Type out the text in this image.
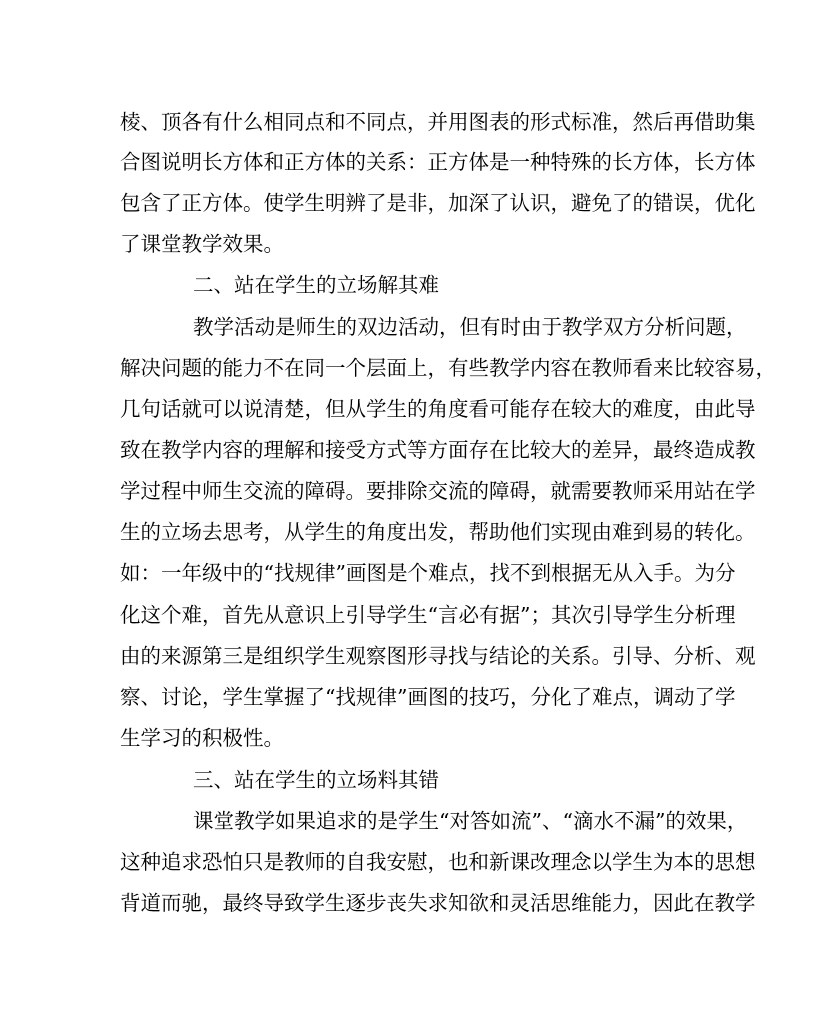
棱、顶各有什么相同点和不同点，并用图表的形式标准，然后再借助集
合图说明长方体和正方体的关系：正方体是一种特殊的长方体，长方体
包含了正方体。使学生明辨了是非，加深了认识，避免了的错误，优化
了课堂教学效果。
二、站在学生的立场解其难
教学活动是师生的双边活动，但有时由于教学双方分析问题，
解决问题的能力不在同一个层面上，有些教学内容在教师看来比较容易，
几句话就可以说清楚，但从学生的角度看可能存在较大的难度，由此导
致在教学内容的理解和接受方式等方面存在比较大的差异，最终造成教
学过程中师生交流的障碍。要排除交流的障碍，就需要教师采用站在学
生的立场去思考，从学生的角度出发，帮助他们实现由难到易的转化。
如：一年级中的“找规律”画图是个难点，找不到根据无从入手。为分
化这个难，首先从意识上引导学生“言必有据”；其次引导学生分析理
由的来源第三是组织学生观察图形寻找与结论的关系。引导、分析、观
察、讨论，学生掌握了“找规律”画图的技巧，分化了难点，调动了学
生学习的积极性。
三、站在学生的立场料其错
课堂教学如果追求的是学生“对答如流”、“滴水不漏”的效果，
这种追求恐怕只是教师的自我安慰，也和新课改理念以学生为本的思想
背道而驰，最终导致学生逐步丧失求知欲和灵活思维能力，因此在教学
